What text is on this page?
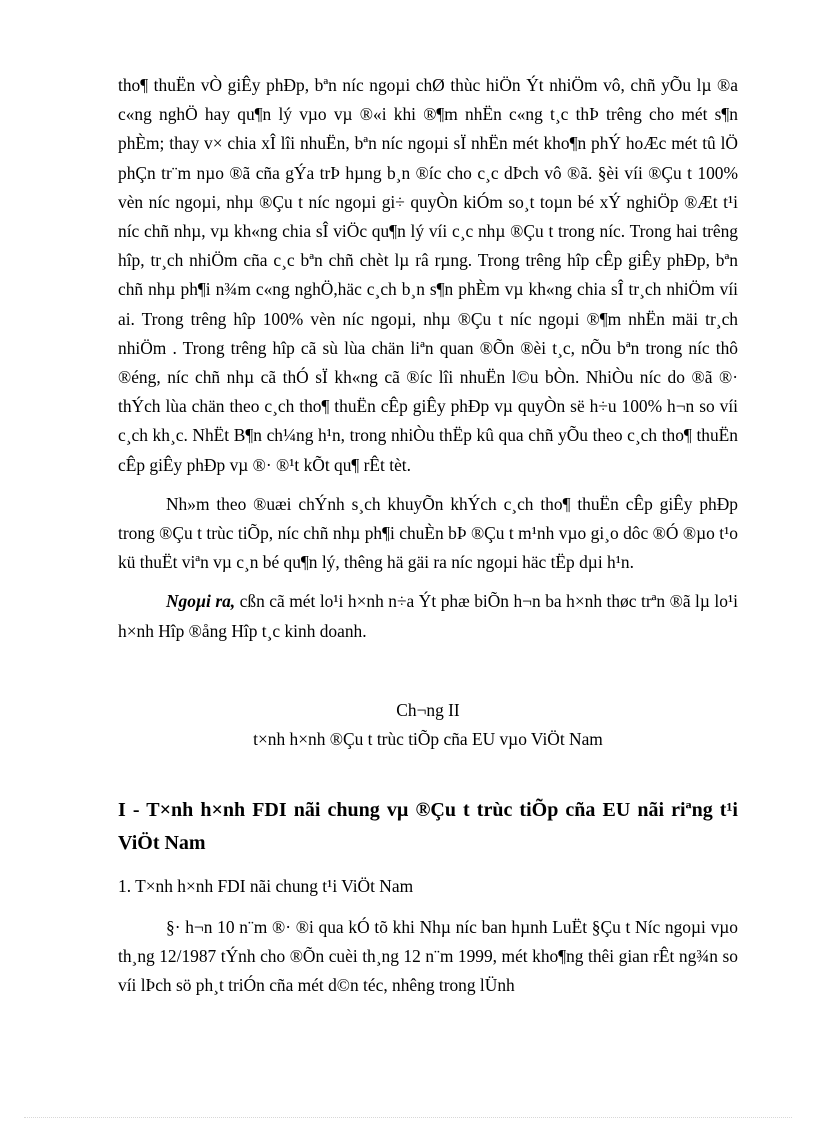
tho¶ thuËn vÒ giÊy phÐp, bªn níc ngoµi chØ thùc hiÖn Ýt nhiÖm vô, chñ yÕu lµ ®a c«ng nghÖ hay qu¶n lý vµo vµ ®«i khi ®¶m nhËn c«ng t¸c thÞ trêng cho mét s¶n phÈm; thay v× chia xÎ lîi nhuËn, bªn níc ngoµi sÏ nhËn mét kho¶n phÝ hoÆc mét tû lÖ phÇn tr¨m nµo ®ã cña gÝa trÞ hµng b¸n ®íc cho c¸c dÞch vô ®ã. §èi víi ®Çu t 100% vèn níc ngoµi, nhµ ®Çu t níc ngoµi gi÷ quyÒn kiÓm so¸t toµn bé xÝ nghiÖp ®Æt t¹i níc chñ nhµ, vµ kh«ng chia sÎ viÖc qu¶n lý víi c¸c nhµ ®Çu t trong níc. Trong hai trêng hîp, tr¸ch nhiÖm cña c¸c bªn chñ chèt lµ râ rµng. Trong trêng hîp cÊp giÊy phÐp, bªn chñ nhµ ph¶i n¾m c«ng nghÖ,häc c¸ch b¸n s¶n phÈm vµ kh«ng chia sÎ tr¸ch nhiÖm víi ai. Trong trêng hîp 100% vèn níc ngoµi, nhµ ®Çu t níc ngoµi ®¶m nhËn mäi tr¸ch nhiÖm . Trong trêng hîp cã sù lùa chän liªn quan ®Õn ®èi t¸c, nÕu bªn trong níc thô ®éng, níc chñ nhµ cã thÓ sÏ kh«ng cã ®íc lîi nhuËn l©u bÒn. NhiÒu níc do ®ã ®· thÝch lùa chän theo c¸ch tho¶ thuËn cÊp giÊy phÐp vµ quyÒn së h÷u 100% h¬n so víi c¸ch kh¸c. NhËt B¶n ch¼ng h¹n, trong nhiÒu thËp kû qua chñ yÕu theo c¸ch tho¶ thuËn cÊp giÊy phÐp vµ ®· ®¹t kÕt qu¶ rÊt tèt.

Nh»m theo ®uæi chÝnh s¸ch khuyÕn khÝch c¸ch tho¶ thuËn cÊp giÊy phÐp trong ®Çu t trùc tiÕp, níc chñ nhµ ph¶i chuÈn bÞ ®Çu t m¹nh vµo gi¸o dôc ®Ó ®µo t¹o kü thuËt viªn vµ c¸n bé qu¶n lý, thêng hä gäi ra níc ngoµi häc tËp dµi h¹n.

Ngoµi ra, cßn cã mét lo¹i h×nh n÷a Ýt phæ biÕn h¬n ba h×nh thøc trªn ®ã lµ lo¹i h×nh Hîp ®ång Hîp t¸c kinh doanh.

Ch¬ng II

t×nh h×nh ®Çu t trùc tiÕp cña EU vµo ViÖt Nam

I - T×nh h×nh FDI nãi chung vµ ®Çu t trùc tiÕp cña EU nãi riªng t¹i ViÖt Nam

1. T×nh h×nh FDI nãi chung t¹i ViÖt Nam

§· h¬n 10 n¨m ®· ®i qua kÓ tõ khi Nhµ níc ban hµnh LuËt §Çu t Níc ngoµi vµo th¸ng 12/1987 tÝnh cho ®Õn cuèi th¸ng 12 n¨m 1999, mét kho¶ng thêi gian rÊt ng¾n so víi lÞch sö ph¸t triÓn cña mét d©n téc, nhêng trong lÜnh
